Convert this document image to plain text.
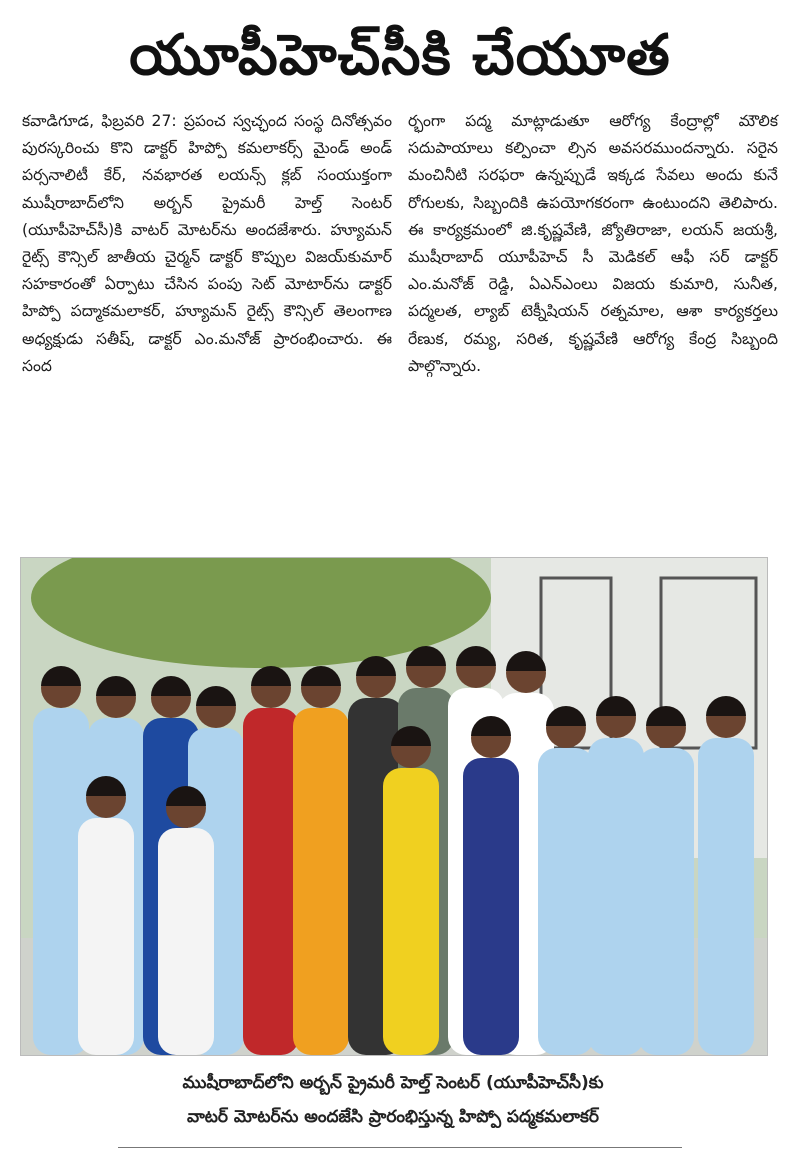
యూపీహెచ్‌సీకి చేయూత

కవాడిగూడ, ఫిబ్రవరి 27: ప్రపంచ స్వచ్ఛంద సంస్థ దినోత్సవం పురస్కరించు కొని డాక్టర్ హిప్పో కమలాకర్స్ మైండ్ అండ్ పర్సనాలిటీ కేర్, నవభారత లయన్స్ క్లబ్ సంయుక్తంగా ముషీరాబాద్‌లోని అర్బన్ ప్రైమరీ హెల్త్ సెంటర్ (యూపీహెచ్‌సీ)కి వాటర్ మోటర్‌ను అందజేశారు. హ్యూమన్ రైట్స్ కౌన్సిల్ జాతీయ చైర్మన్ డాక్టర్ కొప్పుల విజయ్‌కుమార్ సహకారంతో ఏర్పాటు చేసిన పంపు సెట్ మోటార్‌ను డాక్టర్ హిప్పో పద్మాకమలాకర్, హ్యూమన్ రైట్స్ కౌన్సిల్ తెలంగాణ అధ్యక్షుడు సతీష్, డాక్టర్ ఎం.మనోజ్ ప్రారంభించారు. ఈ సంద

ర్భంగా పద్మ మాట్లాడుతూ ఆరోగ్య కేంద్రాల్లో మౌలిక సదుపాయాలు కల్పించా ల్సిన అవసరముందన్నారు. సరైన మంచినీటి సరఫరా ఉన్నప్పుడే ఇక్కడ సేవలు అందు కునే రోగులకు, సిబ్బందికి ఉపయోగకరంగా ఉంటుందని తెలిపారు. ఈ కార్యక్రమంలో జి.కృష్ణవేణి, జ్యోతిరాజా, లయన్ జయశ్రీ, ముషీరాబాద్ యూపీహెచ్ సీ మెడికల్ ఆఫీ సర్ డాక్టర్ ఎం.మనోజ్ రెడ్డి, ఏఎన్ఎంలు విజయ కుమారి, సునీత, పద్మలత, ల్యాబ్ టెక్నీషియన్ రత్నమాల, ఆశా కార్యకర్తలు రేణుక, రమ్య, సరిత, కృష్ణవేణి ఆరోగ్య కేంద్ర సిబ్బంది పాల్గొన్నారు.

ముషీరాబాద్‌లోని అర్బన్ ప్రైమరీ హెల్త్ సెంటర్ (యూపీహెచ్‌సీ)కు
వాటర్ మోటర్‌ను అందజేసి ప్రారంభిస్తున్న హిప్పో పద్మకమలాకర్
